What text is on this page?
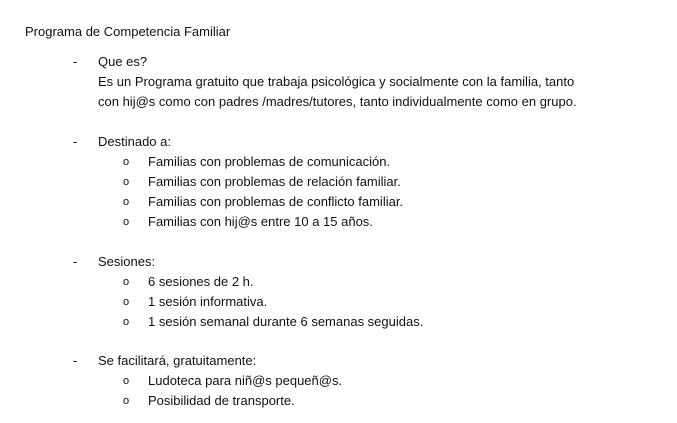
Programa de Competencia Familiar
- Que es?
Es un Programa gratuito que trabaja psicológica y socialmente con la familia, tanto
con hij@s como con padres /madres/tutores, tanto individualmente como en grupo.
- Destinado a:
o Familias con problemas de comunicación.
o Familias con problemas de relación familiar.
o Familias con problemas de conflicto familiar.
o Familias con hij@s entre 10 a 15 años.
- Sesiones:
o 6 sesiones de 2 h.
o 1 sesión informativa.
o 1 sesión semanal durante 6 semanas seguidas.
- Se facilitará, gratuitamente:
o Ludoteca para niñ@s pequeñ@s.
o Posibilidad de transporte.
